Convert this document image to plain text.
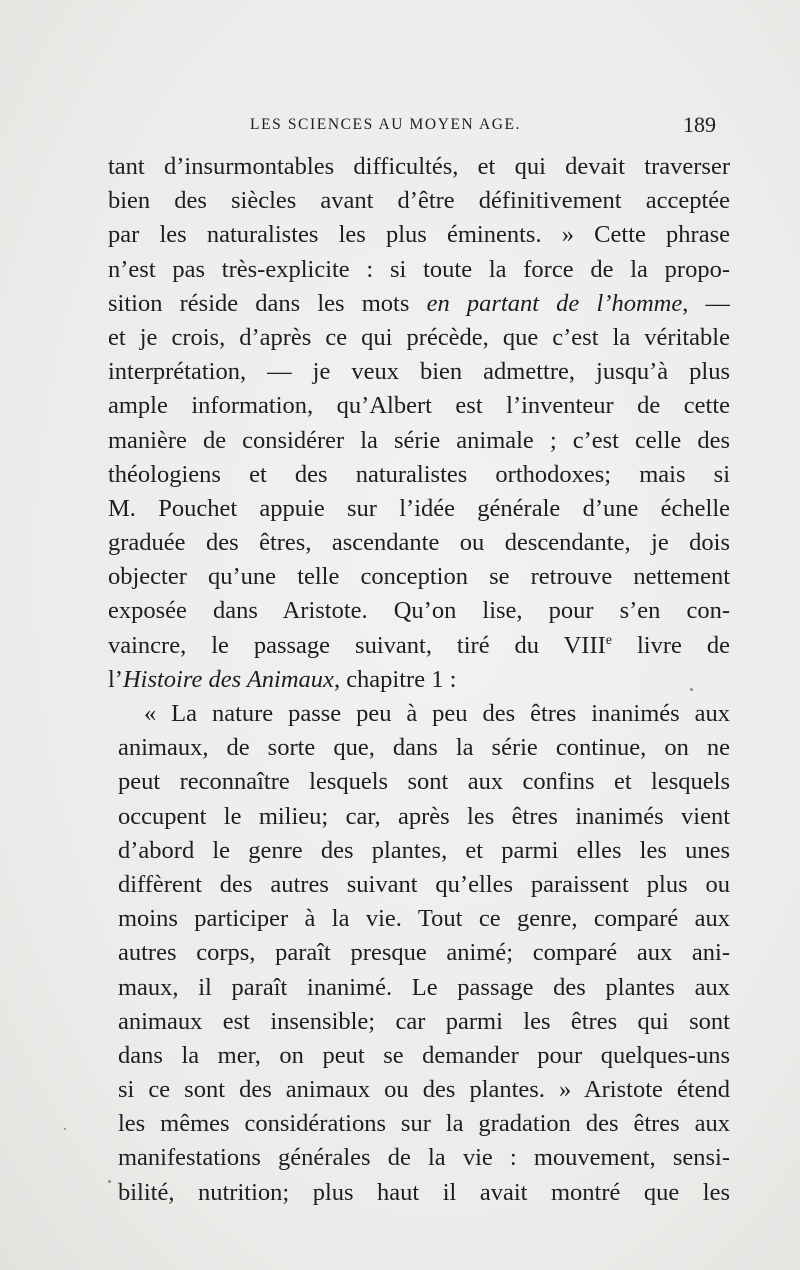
LES SCIENCES AU MOYEN AGE.	189
tant d’insurmontables difficultés, et qui devait traverser
bien des siècles avant d’être définitivement acceptée
par les naturalistes les plus éminents. » Cette phrase
n’est pas très-explicite : si toute la force de la propo-
sition réside dans les mots en partant de l’homme, —
et je crois, d’après ce qui précède, que c’est la véritable
interprétation, — je veux bien admettre, jusqu’à plus
ample information, qu’Albert est l’inventeur de cette
manière de considérer la série animale ; c’est celle des
théologiens et des naturalistes orthodoxes; mais si
M. Pouchet appuie sur l’idée générale d’une échelle
graduée des êtres, ascendante ou descendante, je dois
objecter qu’une telle conception se retrouve nettement
exposée dans Aristote. Qu’on lise, pour s’en con-
vaincre, le passage suivant, tiré du VIIIe livre de
l’Histoire des Animaux, chapitre 1 :
« La nature passe peu à peu des êtres inanimés aux
animaux, de sorte que, dans la série continue, on ne
peut reconnaître lesquels sont aux confins et lesquels
occupent le milieu; car, après les êtres inanimés vient
d’abord le genre des plantes, et parmi elles les unes
diffèrent des autres suivant qu’elles paraissent plus ou
moins participer à la vie. Tout ce genre, comparé aux
autres corps, paraît presque animé; comparé aux ani-
maux, il paraît inanimé. Le passage des plantes aux
animaux est insensible; car parmi les êtres qui sont
dans la mer, on peut se demander pour quelques-uns
si ce sont des animaux ou des plantes. » Aristote étend
les mêmes considérations sur la gradation des êtres aux
manifestations générales de la vie : mouvement, sensi-
bilité, nutrition; plus haut il avait montré que les
